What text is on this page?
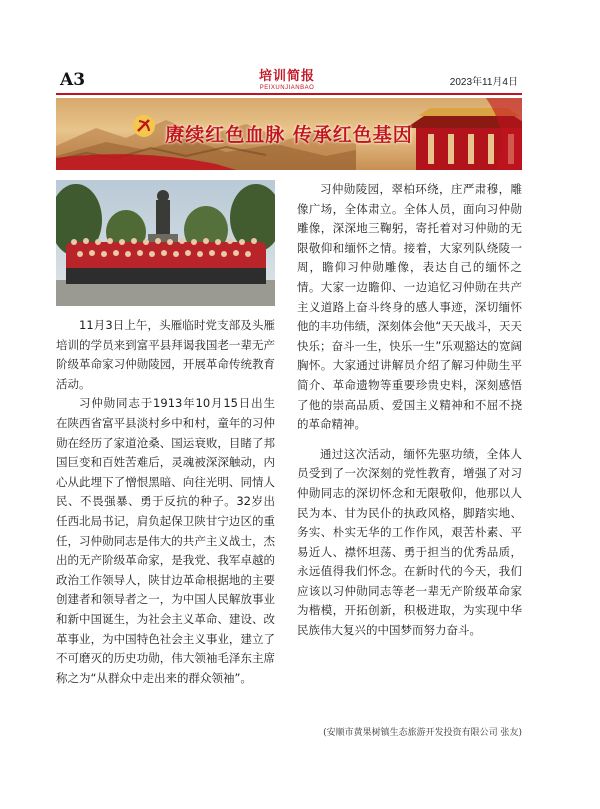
A3	培训简报
PEIXUNJIANBAO	2023年11月4日
赓续红色血脉 传承红色基因

11月3日上午，头雁临时党支部及头雁培训的学员来到富平县拜谒我国老一辈无产阶级革命家习仲勋陵园，开展革命传统教育活动。

习仲勋同志于1913年10月15日出生在陕西省富平县淡村乡中和村，童年的习仲勋在经历了家道沧桑、国运衰败，目睹了邦国巨变和百姓苦难后，灵魂被深深触动，内心从此埋下了憎恨黑暗、向往光明、同情人民、不畏强暴、勇于反抗的种子。32岁出任西北局书记，肩负起保卫陕甘宁边区的重任，习仲勋同志是伟大的共产主义战士，杰出的无产阶级革命家，是我党、我军卓越的政治工作领导人，陕甘边革命根据地的主要创建者和领导者之一，为中国人民解放事业和新中国诞生，为社会主义革命、建设、改革事业，为中国特色社会主义事业，建立了不可磨灭的历史功勋，伟大领袖毛泽东主席称之为“从群众中走出来的群众领袖”。

习仲勋陵园，翠柏环绕，庄严肃穆，雕像广场，全体肃立。全体人员，面向习仲勋雕像，深深地三鞠躬，寄托着对习仲勋的无限敬仰和缅怀之情。接着，大家列队绕陵一周，瞻仰习仲勋雕像，表达自己的缅怀之情。大家一边瞻仰、一边追忆习仲勋在共产主义道路上奋斗终身的感人事迹，深切缅怀他的丰功伟绩，深刻体会他“天天战斗，天天快乐；奋斗一生，快乐一生”乐观豁达的宽阔胸怀。大家通过讲解员介绍了解习仲勋生平简介、革命遗物等重要珍贵史料，深刻感悟了他的崇高品质、爱国主义精神和不屈不挠的革命精神。

通过这次活动，缅怀先驱功绩，全体人员受到了一次深刻的党性教育，增强了对习仲勋同志的深切怀念和无限敬仰，他那以人民为本、甘为民仆的执政风格，脚踏实地、务实、朴实无华的工作作风，艰苦朴素、平易近人、襟怀坦荡、勇于担当的优秀品质，永远值得我们怀念。在新时代的今天，我们应该以习仲勋同志等老一辈无产阶级革命家为楷模，开拓创新，积极进取，为实现中华民族伟大复兴的中国梦而努力奋斗。

(安顺市黄果树镇生态旅游开发投资有限公司 张友)
